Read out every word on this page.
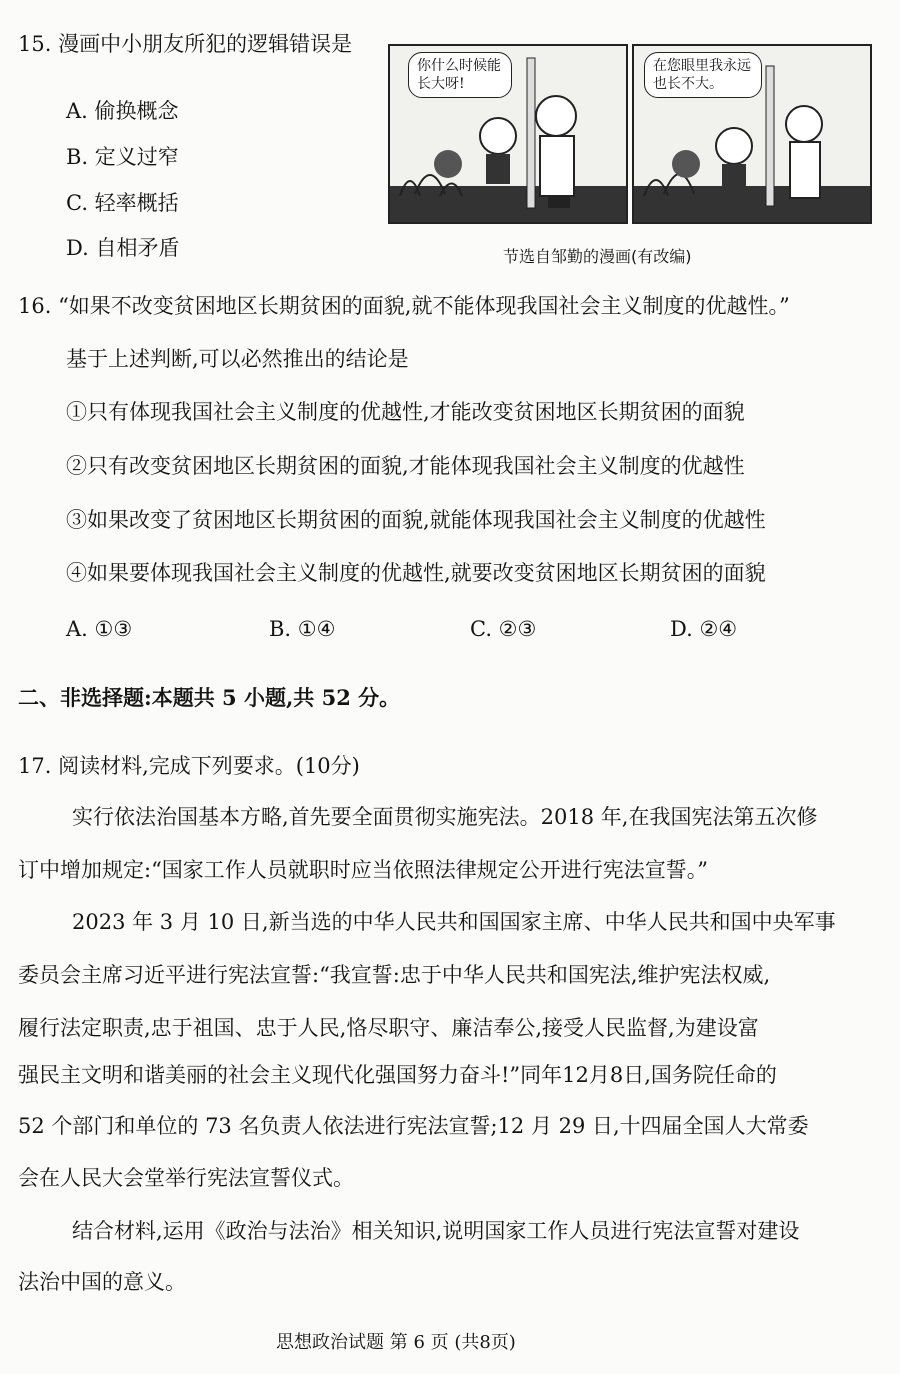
15. 漫画中小朋友所犯的逻辑错误是
A. 偷换概念
B. 定义过窄
C. 轻率概括
D. 自相矛盾
你什么时候能长大呀!
在您眼里我永远也长不大。
节选自邹勤的漫画(有改编)
16. “如果不改变贫困地区长期贫困的面貌,就不能体现我国社会主义制度的优越性。”
基于上述判断,可以必然推出的结论是
①只有体现我国社会主义制度的优越性,才能改变贫困地区长期贫困的面貌
②只有改变贫困地区长期贫困的面貌,才能体现我国社会主义制度的优越性
③如果改变了贫困地区长期贫困的面貌,就能体现我国社会主义制度的优越性
④如果要体现我国社会主义制度的优越性,就要改变贫困地区长期贫困的面貌
A. ①③	B. ①④	C. ②③	D. ②④
二、非选择题:本题共 5 小题,共 52 分。
17. 阅读材料,完成下列要求。(10分)
实行依法治国基本方略,首先要全面贯彻实施宪法。2018 年,在我国宪法第五次修
订中增加规定:“国家工作人员就职时应当依照法律规定公开进行宪法宣誓。”
2023 年 3 月 10 日,新当选的中华人民共和国国家主席、中华人民共和国中央军事
委员会主席习近平进行宪法宣誓:“我宣誓:忠于中华人民共和国宪法,维护宪法权威,
履行法定职责,忠于祖国、忠于人民,恪尽职守、廉洁奉公,接受人民监督,为建设富
强民主文明和谐美丽的社会主义现代化强国努力奋斗!”同年12月8日,国务院任命的
52 个部门和单位的 73 名负责人依法进行宪法宣誓;12 月 29 日,十四届全国人大常委
会在人民大会堂举行宪法宣誓仪式。
结合材料,运用《政治与法治》相关知识,说明国家工作人员进行宪法宣誓对建设
法治中国的意义。
思想政治试题 第 6 页 (共8页)
